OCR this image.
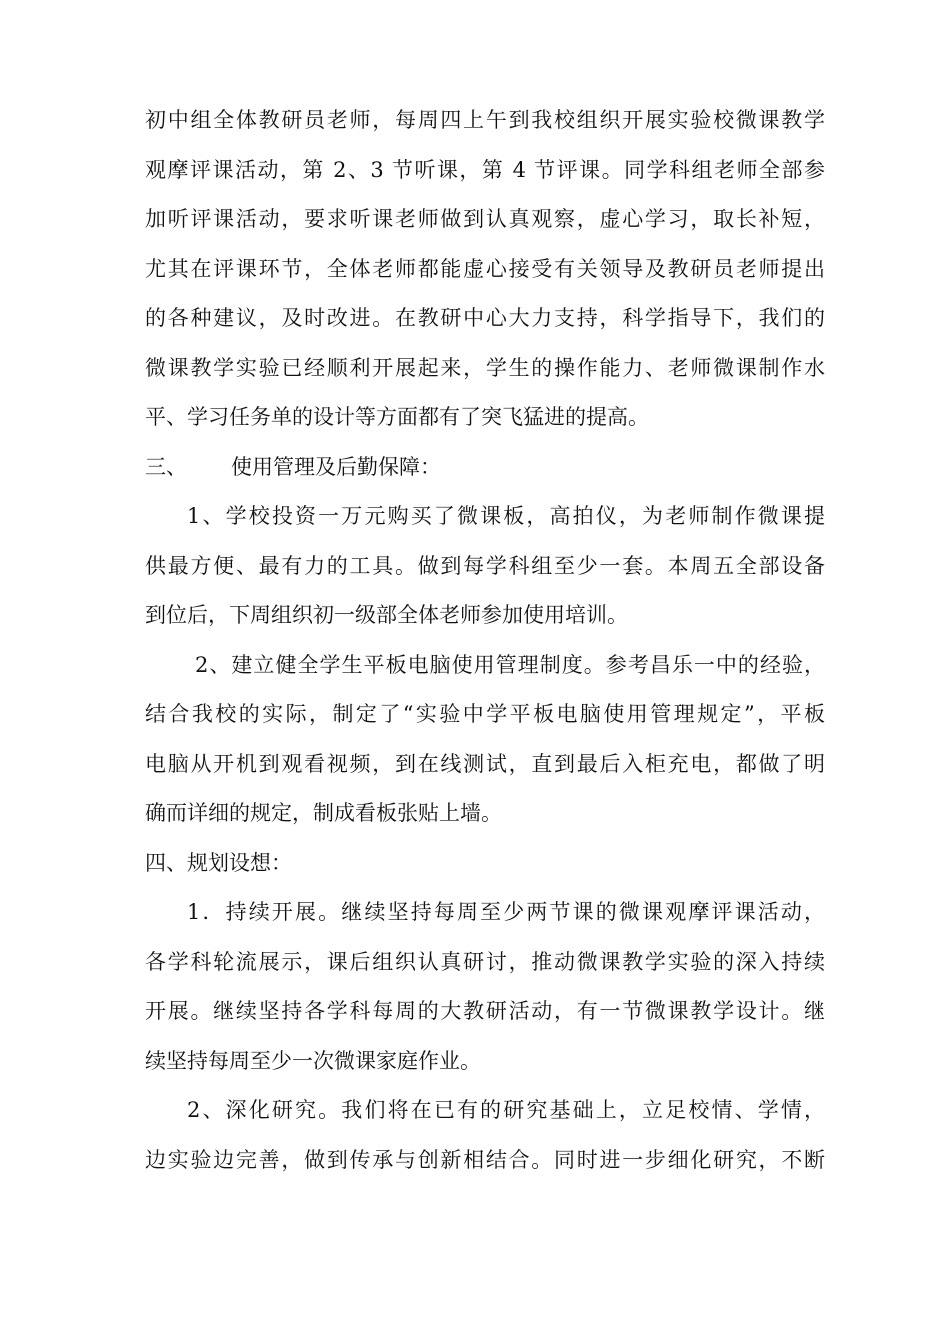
初中组全体教研员老师，每周四上午到我校组织开展实验校微课教学
观摩评课活动，第 2、3 节听课，第 4 节评课。同学科组老师全部参
加听评课活动，要求听课老师做到认真观察，虚心学习，取长补短，
尤其在评课环节，全体老师都能虚心接受有关领导及教研员老师提出
的各种建议，及时改进。在教研中心大力支持，科学指导下，我们的
微课教学实验已经顺利开展起来，学生的操作能力、老师微课制作水
平、学习任务单的设计等方面都有了突飞猛进的提高。
三、 使用管理及后勤保障：
1、学校投资一万元购买了微课板，高拍仪，为老师制作微课提
供最方便、最有力的工具。做到每学科组至少一套。本周五全部设备
到位后，下周组织初一级部全体老师参加使用培训。
2、建立健全学生平板电脑使用管理制度。参考昌乐一中的经验，
结合我校的实际，制定了“实验中学平板电脑使用管理规定”，平板
电脑从开机到观看视频，到在线测试，直到最后入柜充电，都做了明
确而详细的规定，制成看板张贴上墙。
四、规划设想：
1．持续开展。继续坚持每周至少两节课的微课观摩评课活动，
各学科轮流展示，课后组织认真研讨，推动微课教学实验的深入持续
开展。继续坚持各学科每周的大教研活动，有一节微课教学设计。继
续坚持每周至少一次微课家庭作业。
2、深化研究。我们将在已有的研究基础上，立足校情、学情，
边实验边完善，做到传承与创新相结合。同时进一步细化研究，不断
